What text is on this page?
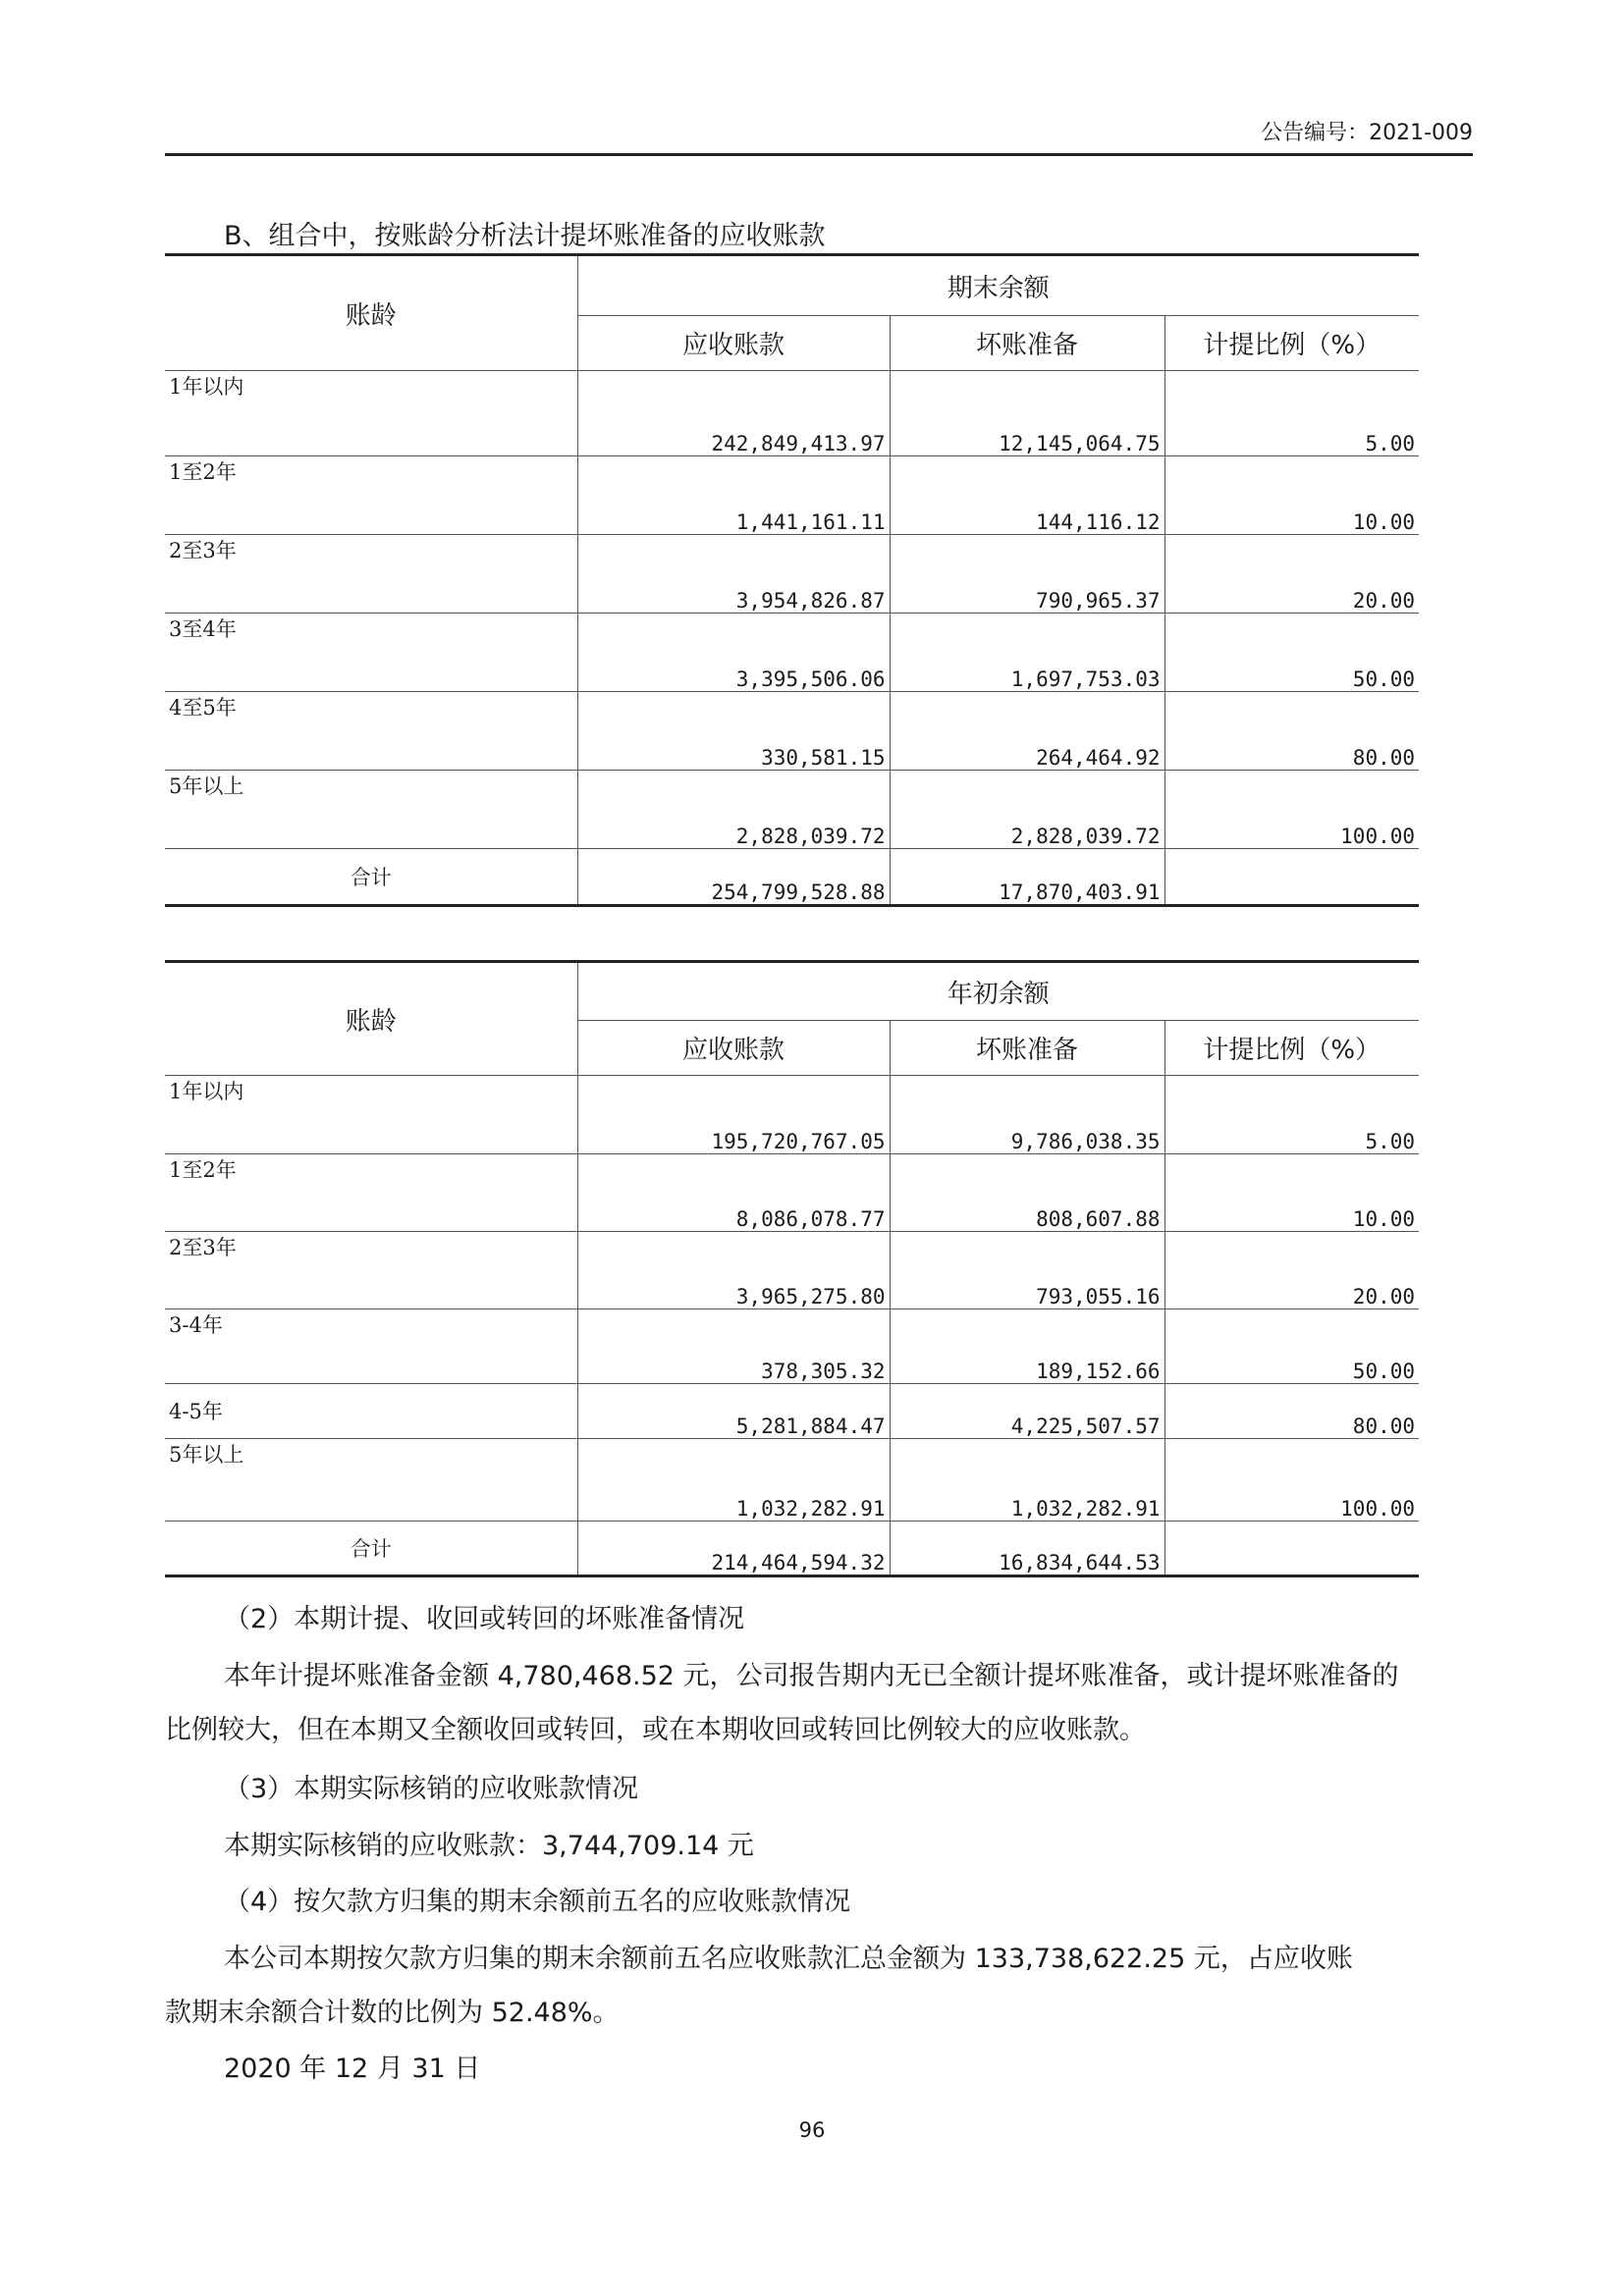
公告编号：2021-009
B、组合中，按账龄分析法计提坏账准备的应收账款
账龄	期末余额		
	应收账款	坏账准备	计提比例（%）
1年以内	242,849,413.97	12,145,064.75	5.00
1至2年	1,441,161.11	144,116.12	10.00
2至3年	3,954,826.87	790,965.37	20.00
3至4年	3,395,506.06	1,697,753.03	50.00
4至5年	330,581.15	264,464.92	80.00
5年以上	2,828,039.72	2,828,039.72	100.00
合计	254,799,528.88	17,870,403.91	
账龄	年初余额		
	应收账款	坏账准备	计提比例（%）
1年以内	195,720,767.05	9,786,038.35	5.00
1至2年	8,086,078.77	808,607.88	10.00
2至3年	3,965,275.80	793,055.16	20.00
3-4年	378,305.32	189,152.66	50.00
4-5年	5,281,884.47	4,225,507.57	80.00
5年以上	1,032,282.91	1,032,282.91	100.00
合计	214,464,594.32	16,834,644.53	
（2）本期计提、收回或转回的坏账准备情况
本年计提坏账准备金额 4,780,468.52 元，公司报告期内无已全额计提坏账准备，或计提坏账准备的
比例较大，但在本期又全额收回或转回，或在本期收回或转回比例较大的应收账款。
（3）本期实际核销的应收账款情况
本期实际核销的应收账款：3,744,709.14 元
（4）按欠款方归集的期末余额前五名的应收账款情况
本公司本期按欠款方归集的期末余额前五名应收账款汇总金额为 133,738,622.25 元，占应收账
款期末余额合计数的比例为 52.48%。
2020 年 12 月 31 日
96
